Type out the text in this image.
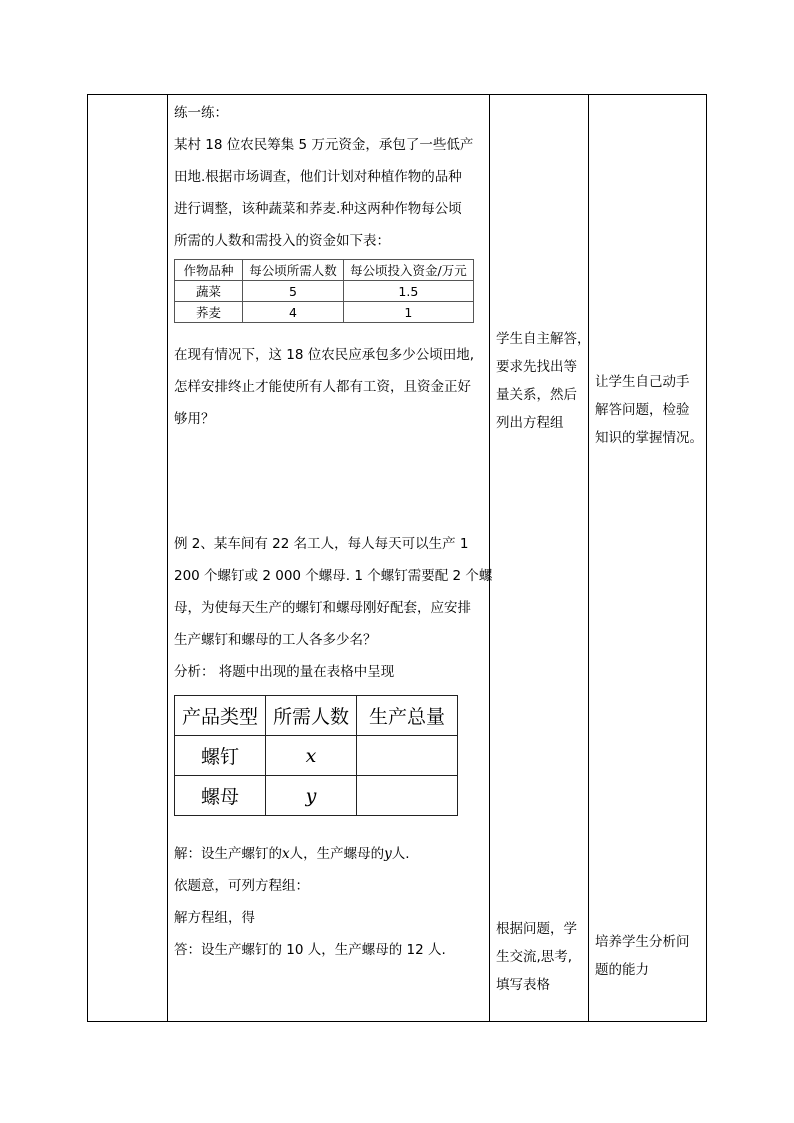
练一练：
某村 18 位农民筹集 5 万元资金，承包了一些低产
田地.根据市场调查，他们计划对种植作物的品种
进行调整，该种蔬菜和荞麦.种这两种作物每公顷
所需的人数和需投入的资金如下表：
作物品种	每公顷所需人数	每公顷投入资金/万元
蔬菜	5	1.5
荞麦	4	1
在现有情况下，这 18 位农民应承包多少公顷田地,
怎样安排终止才能使所有人都有工资，且资金正好
够用？
例 2、某车间有 22 名工人，每人每天可以生产 1
200 个螺钉或 2 000 个螺母. 1 个螺钉需要配 2 个螺
母，为使每天生产的螺钉和螺母刚好配套，应安排
生产螺钉和螺母的工人各多少名？
分析： 将题中出现的量在表格中呈现
产品类型	所需人数	生产总量
螺钉	x	
螺母	y	
解：设生产螺钉的x人，生产螺母的y人.
依题意，可列方程组：
解方程组，得
答：设生产螺钉的 10 人，生产螺母的 12 人.
学生自主解答，
要求先找出等
量关系，然后
列出方程组
根据问题，学
生交流,思考,
填写表格
让学生自己动手
解答问题，检验
知识的掌握情况。
培养学生分析问
题的能力
